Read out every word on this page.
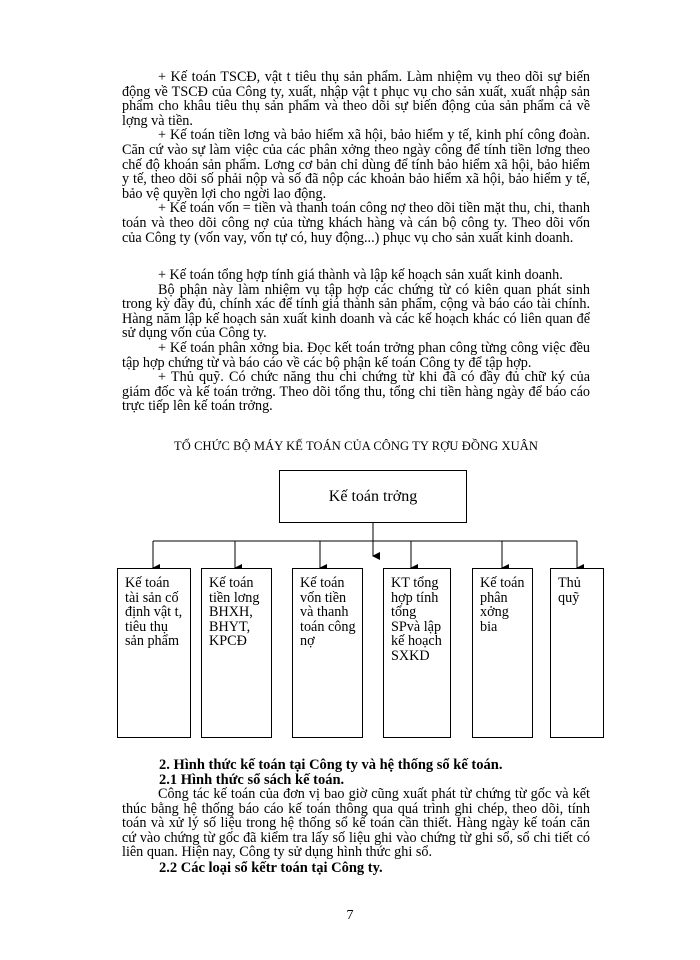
+ Kế toán TSCĐ, vật t tiêu thụ sản phẩm. Làm nhiệm vụ theo dõi sự biến động về TSCĐ của Công ty, xuất, nhập vật t phục vụ cho sản xuất, xuất nhập sản phẩm cho khâu tiêu thụ sản phẩm và theo dõi sự biến động của sản phẩm cả về lợng và tiền.

+ Kế toán tiền lơng và bảo hiểm xã hội, bảo hiểm y tế, kinh phí công đoàn. Căn cứ vào sự làm việc của các phân xởng theo ngày công để tính tiền lơng theo chế độ khoán sản phẩm. Lơng cơ bản chỉ dùng để tính bảo hiểm xã hội, bảo hiểm y tế, theo dõi số phải nộp và số đã nộp các khoản bảo hiểm xã hội, bảo hiểm y tế, bảo vệ quyền lợi cho ngời lao động.

+ Kế toán vốn = tiền và thanh toán công nợ theo dõi tiền mặt thu, chi, thanh toán và theo dõi công nợ của từng khách hàng và cán bộ công ty. Theo dõi vốn của Công ty (vốn vay, vốn tự có, huy động...) phục vụ cho sản xuất kinh doanh.

+ Kế toán tổng hợp tính giá thành và lập kế hoạch sản xuất kinh doanh.

Bộ phận này làm nhiệm vụ tập hợp các chứng từ có kiên quan phát sinh trong kỳ đầy đủ, chính xác để tính giá thành sản phẩm, cộng và báo cáo tài chính. Hàng năm lập kế hoạch sản xuất kinh doanh và các kế hoạch khác có liên quan để sử dụng vốn của Công ty.

+ Kế toán phân xởng bia. Đọc kết toán trởng phan công từng công việc đều tập hợp chứng từ và báo cáo về các bộ phận kế toán Công ty để tập hợp.

+ Thủ quỹ. Có chức năng thu chi chứng từ khi đã có đầy đủ chữ ký của giám đốc và kế toán trởng. Theo dõi tổng thu, tổng chi tiền hàng ngày để báo cáo trực tiếp lên kế toán trởng.

TỔ CHỨC BỘ MÁY KẾ TOÁN CỦA CÔNG TY RỢU ĐỒNG XUÂN
Kế toán trởng
Kế toán tài sản cố định vật t, tiêu thụ sản phẩm
Kế toán tiền lơng BHXH, BHYT, KPCĐ
Kế toán vốn tiền và thanh toán công nợ
KT tổng hợp tính tổng SPvà lập kế hoạch SXKD
Kế toán phân xởng bia
Thủ quỹ
2. Hình thức kế toán tại Công ty và hệ thống sổ kế toán.
2.1 Hình thức sổ sách kế toán.

Công tác kế toán của đơn vị bao giờ cũng xuất phát từ chứng từ gốc và kết thúc bằng hệ thống báo cáo kế toán thông qua quá trình ghi chép, theo dõi, tính toán và xử lý số liệu trong hệ thống sổ kế toán cần thiết. Hàng ngày kế toán căn cứ vào chứng từ gốc đã kiểm tra lấy số liệu ghi vào chứng từ ghi sổ, sổ chi tiết có liên quan. Hiện nay, Công ty sử dụng hình thức ghi sổ.

2.2 Các loại sổ kếtr toán tại Công ty.
7
